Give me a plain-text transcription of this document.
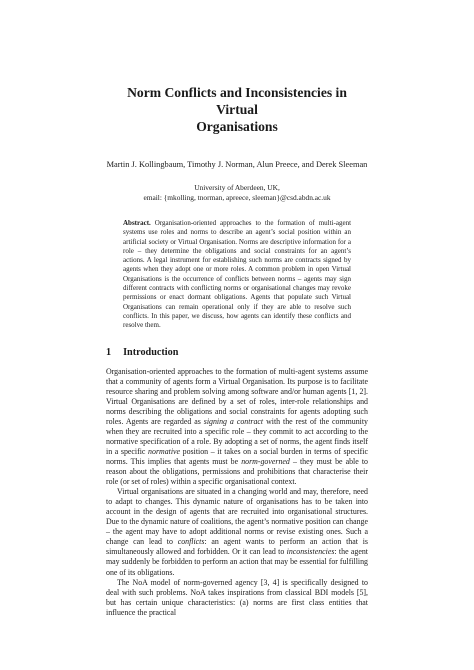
Norm Conflicts and Inconsistencies in Virtual
Organisations
Martin J. Kollingbaum, Timothy J. Norman, Alun Preece, and Derek Sleeman
University of Aberdeen, UK,
email: {mkolling, tnorman, apreece, sleeman}@csd.abdn.ac.uk
Abstract. Organisation-oriented approaches to the formation of multi-agent systems use roles and norms to describe an agent’s social position within an artificial society or Virtual Organisation. Norms are descriptive information for a role – they determine the obligations and social constraints for an agent’s actions. A legal instrument for establishing such norms are contracts signed by agents when they adopt one or more roles. A common problem in open Virtual Organisations is the occurrence of conflicts between norms – agents may sign different contracts with conflicting norms or organisational changes may revoke permissions or enact dormant obligations. Agents that populate such Virtual Organisations can remain operational only if they are able to resolve such conflicts. In this paper, we discuss, how agents can identify these conflicts and resolve them.
1 Introduction

Organisation-oriented approaches to the formation of multi-agent systems assume that a community of agents form a Virtual Organisation. Its purpose is to facilitate resource sharing and problem solving among software and/or human agents [1, 2]. Virtual Organisations are defined by a set of roles, inter-role relationships and norms describing the obligations and social constraints for agents adopting such roles. Agents are regarded as signing a contract with the rest of the community when they are recruited into a specific role – they commit to act according to the normative specification of a role. By adopting a set of norms, the agent finds itself in a specific normative position – it takes on a social burden in terms of specific norms. This implies that agents must be norm-governed – they must be able to reason about the obligations, permissions and prohibitions that characterise their role (or set of roles) within a specific organisational context.

Virtual organisations are situated in a changing world and may, therefore, need to adapt to changes. This dynamic nature of organisations has to be taken into account in the design of agents that are recruited into organisational structures. Due to the dynamic nature of coalitions, the agent’s normative position can change – the agent may have to adopt additional norms or revise existing ones. Such a change can lead to conflicts: an agent wants to perform an action that is simultaneously allowed and forbidden. Or it can lead to inconsistencies: the agent may suddenly be forbidden to perform an action that may be essential for fulfilling one of its obligations.

The NoA model of norm-governed agency [3, 4] is specifically designed to deal with such problems. NoA takes inspirations from classical BDI models [5], but has certain unique characteristics: (a) norms are first class entities that influence the practical
